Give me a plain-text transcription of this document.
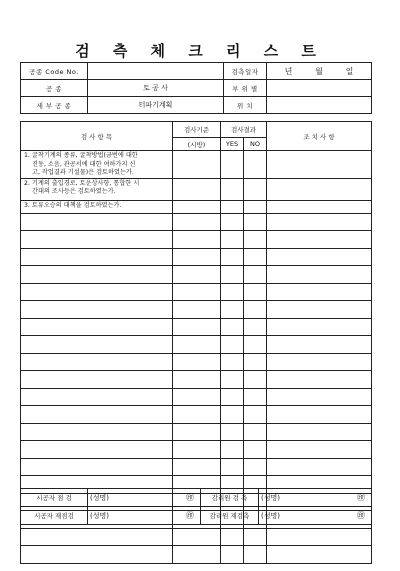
검 측 체 크 리 스 트
공종 Code No.		검측일자	년 월 일
공 종	토 공 사	부 위 별	
세 부 공 종	터파기계획	위 치	
검 사 항 목	검사기준	검사결과		조 치 사 항
	(시방)	YES	NO	
1. 굴착기계의 종류, 굴착방법(금번에 대한
진동, 소음, 관공서에 대한 여하가지 신
고, 작업결과 기설물)은 검토하였는가.				

2. 기계의 출입경로, 토운상사항, 통합한 시
간대의 조사등은 검토하였는가.				

3. 토류오승의 대책을 검토하였는가.				

시공자 점 검	(성명) ㊞	감리원 검 측	(성명) ㊞

시공자 재점검	(성명) ㊞	감리원 재검측	(성명) ㊞
